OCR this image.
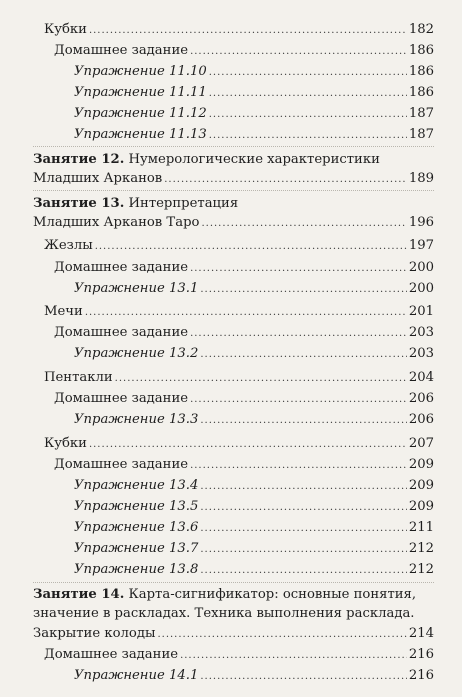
Кубки .....	182
Домашнее задание .....	186
Упражнение 11.10 .....	186
Упражнение 11.11 .....	186
Упражнение 11.12 .....	187
Упражнение 11.13 .....	187
Занятие 12. Нумерологические характеристики
Младших Арканов .....	189
Занятие 13. Интерпретация
Младших Арканов Таро .....	196
Жезлы .....	197
Домашнее задание .....	200
Упражнение 13.1 .....	200
Мечи .....	201
Домашнее задание .....	203
Упражнение 13.2 .....	203
Пентакли .....	204
Домашнее задание .....	206
Упражнение 13.3 .....	206
Кубки .....	207
Домашнее задание .....	209
Упражнение 13.4 .....	209
Упражнение 13.5 .....	209
Упражнение 13.6 .....	211
Упражнение 13.7 .....	212
Упражнение 13.8 .....	212
Занятие 14. Карта-сигнификатор: основные понятия,
значение в раскладах. Техника выполнения расклада.
Закрытие колоды .....	214
Домашнее задание .....	216
Упражнение 14.1 .....	216
